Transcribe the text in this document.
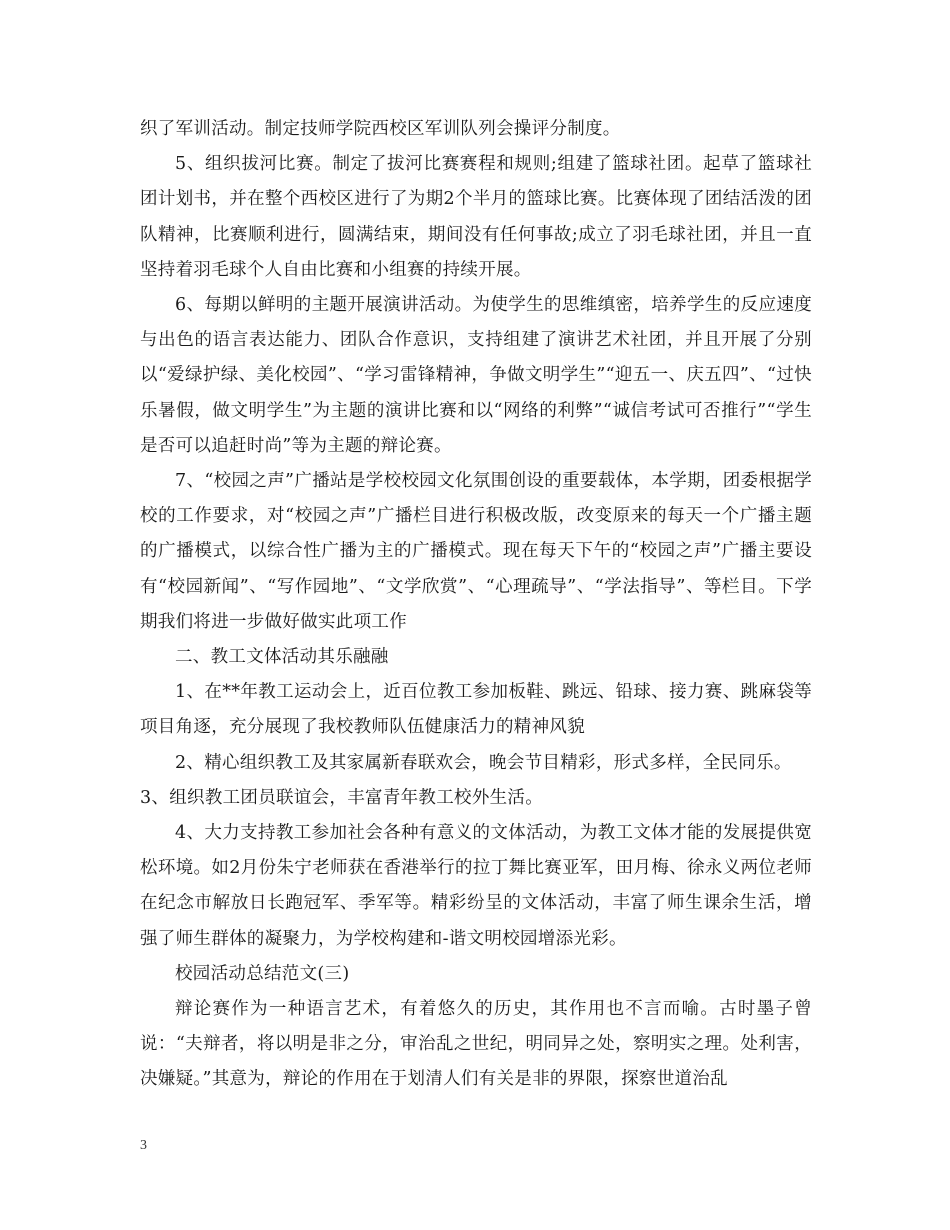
织了军训活动。制定技师学院西校区军训队列会操评分制度。

5、组织拔河比赛。制定了拔河比赛赛程和规则;组建了篮球社团。起草了篮球社团计划书，并在整个西校区进行了为期2个半月的篮球比赛。比赛体现了团结活泼的团队精神，比赛顺利进行，圆满结束，期间没有任何事故;成立了羽毛球社团，并且一直坚持着羽毛球个人自由比赛和小组赛的持续开展。

6、每期以鲜明的主题开展演讲活动。为使学生的思维缜密，培养学生的反应速度与出色的语言表达能力、团队合作意识，支持组建了演讲艺术社团，并且开展了分别以“爱绿护绿、美化校园”、“学习雷锋精神，争做文明学生”“迎五一、庆五四”、“过快乐暑假，做文明学生”为主题的演讲比赛和以“网络的利弊”“诚信考试可否推行”“学生是否可以追赶时尚”等为主题的辩论赛。

7、“校园之声”广播站是学校校园文化氛围创设的重要载体，本学期，团委根据学校的工作要求，对“校园之声”广播栏目进行积极改版，改变原来的每天一个广播主题的广播模式，以综合性广播为主的广播模式。现在每天下午的“校园之声”广播主要设有“校园新闻”、“写作园地”、“文学欣赏”、“心理疏导”、“学法指导”、等栏目。下学期我们将进一步做好做实此项工作

二、教工文体活动其乐融融

1、在**年教工运动会上，近百位教工参加板鞋、跳远、铅球、接力赛、跳麻袋等项目角逐，充分展现了我校教师队伍健康活力的精神风貌

2、精心组织教工及其家属新春联欢会，晚会节目精彩，形式多样，全民同乐。

3、组织教工团员联谊会，丰富青年教工校外生活。

4、大力支持教工参加社会各种有意义的文体活动，为教工文体才能的发展提供宽松环境。如2月份朱宁老师获在香港举行的拉丁舞比赛亚军，田月梅、徐永义两位老师在纪念市解放日长跑冠军、季军等。精彩纷呈的文体活动，丰富了师生课余生活，增强了师生群体的凝聚力，为学校构建和-谐文明校园增添光彩。

校园活动总结范文(三)

辩论赛作为一种语言艺术，有着悠久的历史，其作用也不言而喻。古时墨子曾说：“夫辩者，将以明是非之分，审治乱之世纪，明同异之处，察明实之理。处利害，决嫌疑。”其意为，辩论的作用在于划清人们有关是非的界限，探察世道治乱

3
